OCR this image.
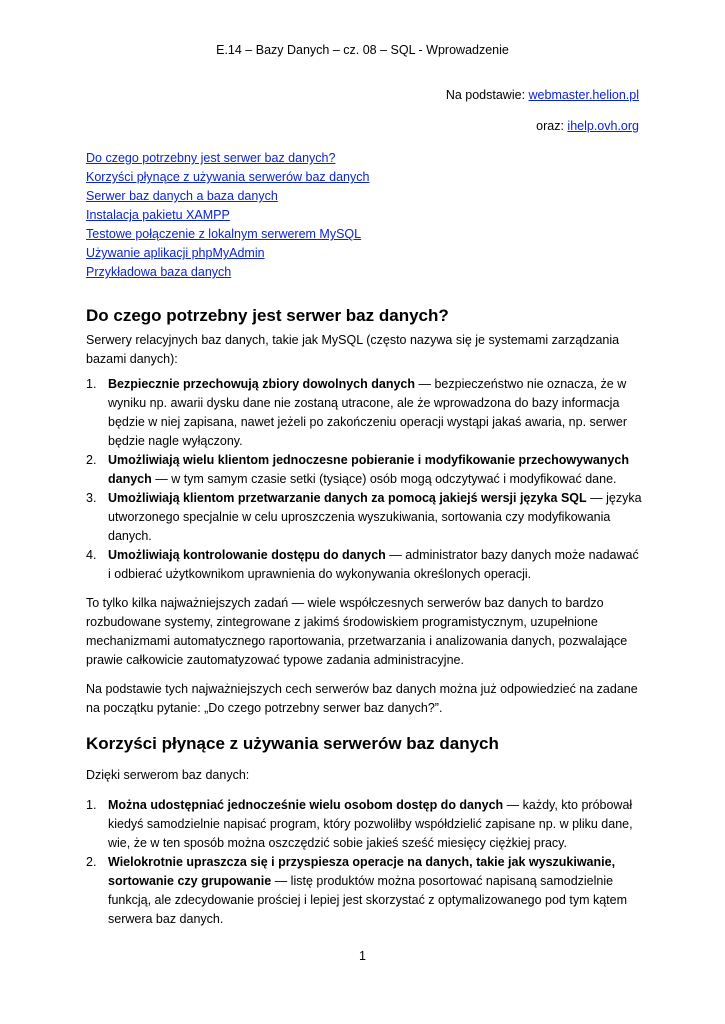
E.14 – Bazy Danych – cz. 08 – SQL - Wprowadzenie
Na podstawie: webmaster.helion.pl
oraz: ihelp.ovh.org
Do czego potrzebny jest serwer baz danych?
Korzyści płynące z używania serwerów baz danych
Serwer baz danych a baza danych
Instalacja pakietu XAMPP
Testowe połączenie z lokalnym serwerem MySQL
Używanie aplikacji phpMyAdmin
Przykładowa baza danych
Do czego potrzebny jest serwer baz danych?

Serwery relacyjnych baz danych, takie jak MySQL (często nazywa się je systemami zarządzania bazami danych):

1. Bezpiecznie przechowują zbiory dowolnych danych — bezpieczeństwo nie oznacza, że w wyniku np. awarii dysku dane nie zostaną utracone, ale że wprowadzona do bazy informacja będzie w niej zapisana, nawet jeżeli po zakończeniu operacji wystąpi jakaś awaria, np. serwer będzie nagle wyłączony.
2. Umożliwiają wielu klientom jednoczesne pobieranie i modyfikowanie przechowywanych danych — w tym samym czasie setki (tysiące) osób mogą odczytywać i modyfikować dane.
3. Umożliwiają klientom przetwarzanie danych za pomocą jakiejś wersji języka SQL — języka utworzonego specjalnie w celu uproszczenia wyszukiwania, sortowania czy modyfikowania danych.
4. Umożliwiają kontrolowanie dostępu do danych — administrator bazy danych może nadawać i odbierać użytkownikom uprawnienia do wykonywania określonych operacji.

To tylko kilka najważniejszych zadań — wiele współczesnych serwerów baz danych to bardzo rozbudowane systemy, zintegrowane z jakimś środowiskiem programistycznym, uzupełnione mechanizmami automatycznego raportowania, przetwarzania i analizowania danych, pozwalające prawie całkowicie zautomatyzować typowe zadania administracyjne.

Na podstawie tych najważniejszych cech serwerów baz danych można już odpowiedzieć na zadane na początku pytanie: „Do czego potrzebny serwer baz danych?”.

Korzyści płynące z używania serwerów baz danych

Dzięki serwerom baz danych:

1. Można udostępniać jednocześnie wielu osobom dostęp do danych — każdy, kto próbował kiedyś samodzielnie napisać program, który pozwoliłby współdzielić zapisane np. w pliku dane, wie, że w ten sposób można oszczędzić sobie jakieś sześć miesięcy ciężkiej pracy.
2. Wielokrotnie upraszcza się i przyspiesza operacje na danych, takie jak wyszukiwanie, sortowanie czy grupowanie — listę produktów można posortować napisaną samodzielnie funkcją, ale zdecydowanie prościej i lepiej jest skorzystać z optymalizowanego pod tym kątem serwera baz danych.
1
